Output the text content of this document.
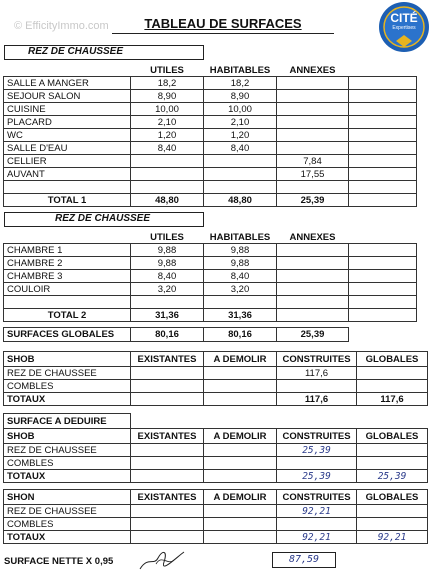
TABLEAU DE SURFACES
© EfficityImmo.com
CITÉ
Expertises
REZ DE CHAUSSEE
	UTILES	HABITABLES	ANNEXES	
SALLE A MANGER	18,2	18,2		
SEJOUR SALON	8,90	8,90		
CUISINE	10,00	10,00		
PLACARD	2,10	2,10		
WC	1,20	1,20		
SALLE D'EAU	8,40	8,40		
CELLIER			7,84	
AUVANT			17,55	

TOTAL 1	48,80	48,80	25,39	
REZ DE CHAUSSEE
	UTILES	HABITABLES	ANNEXES	
CHAMBRE 1	9,88	9,88		
CHAMBRE 2	9,88	9,88		
CHAMBRE 3	8,40	8,40		
COULOIR	3,20	3,20		

TOTAL 2	31,36	31,36		
SURFACES GLOBALES	80,16	80,16	25,39	
SHOB	EXISTANTES	A DEMOLIR	CONSTRUITES	GLOBALES
REZ DE CHAUSSEE			117,6	
COMBLES				
TOTAUX			117,6	117,6
SURFACE A DEDUIRE				
SHOB	EXISTANTES	A DEMOLIR	CONSTRUITES	GLOBALES
REZ DE CHAUSSEE			25,39	
COMBLES				
TOTAUX			25,39	25,39
SHON	EXISTANTES	A DEMOLIR	CONSTRUITES	GLOBALES
REZ DE CHAUSSEE			92,21	
COMBLES				
TOTAUX			92,21	92,21
SURFACE NETTE X 0,95	87,59
